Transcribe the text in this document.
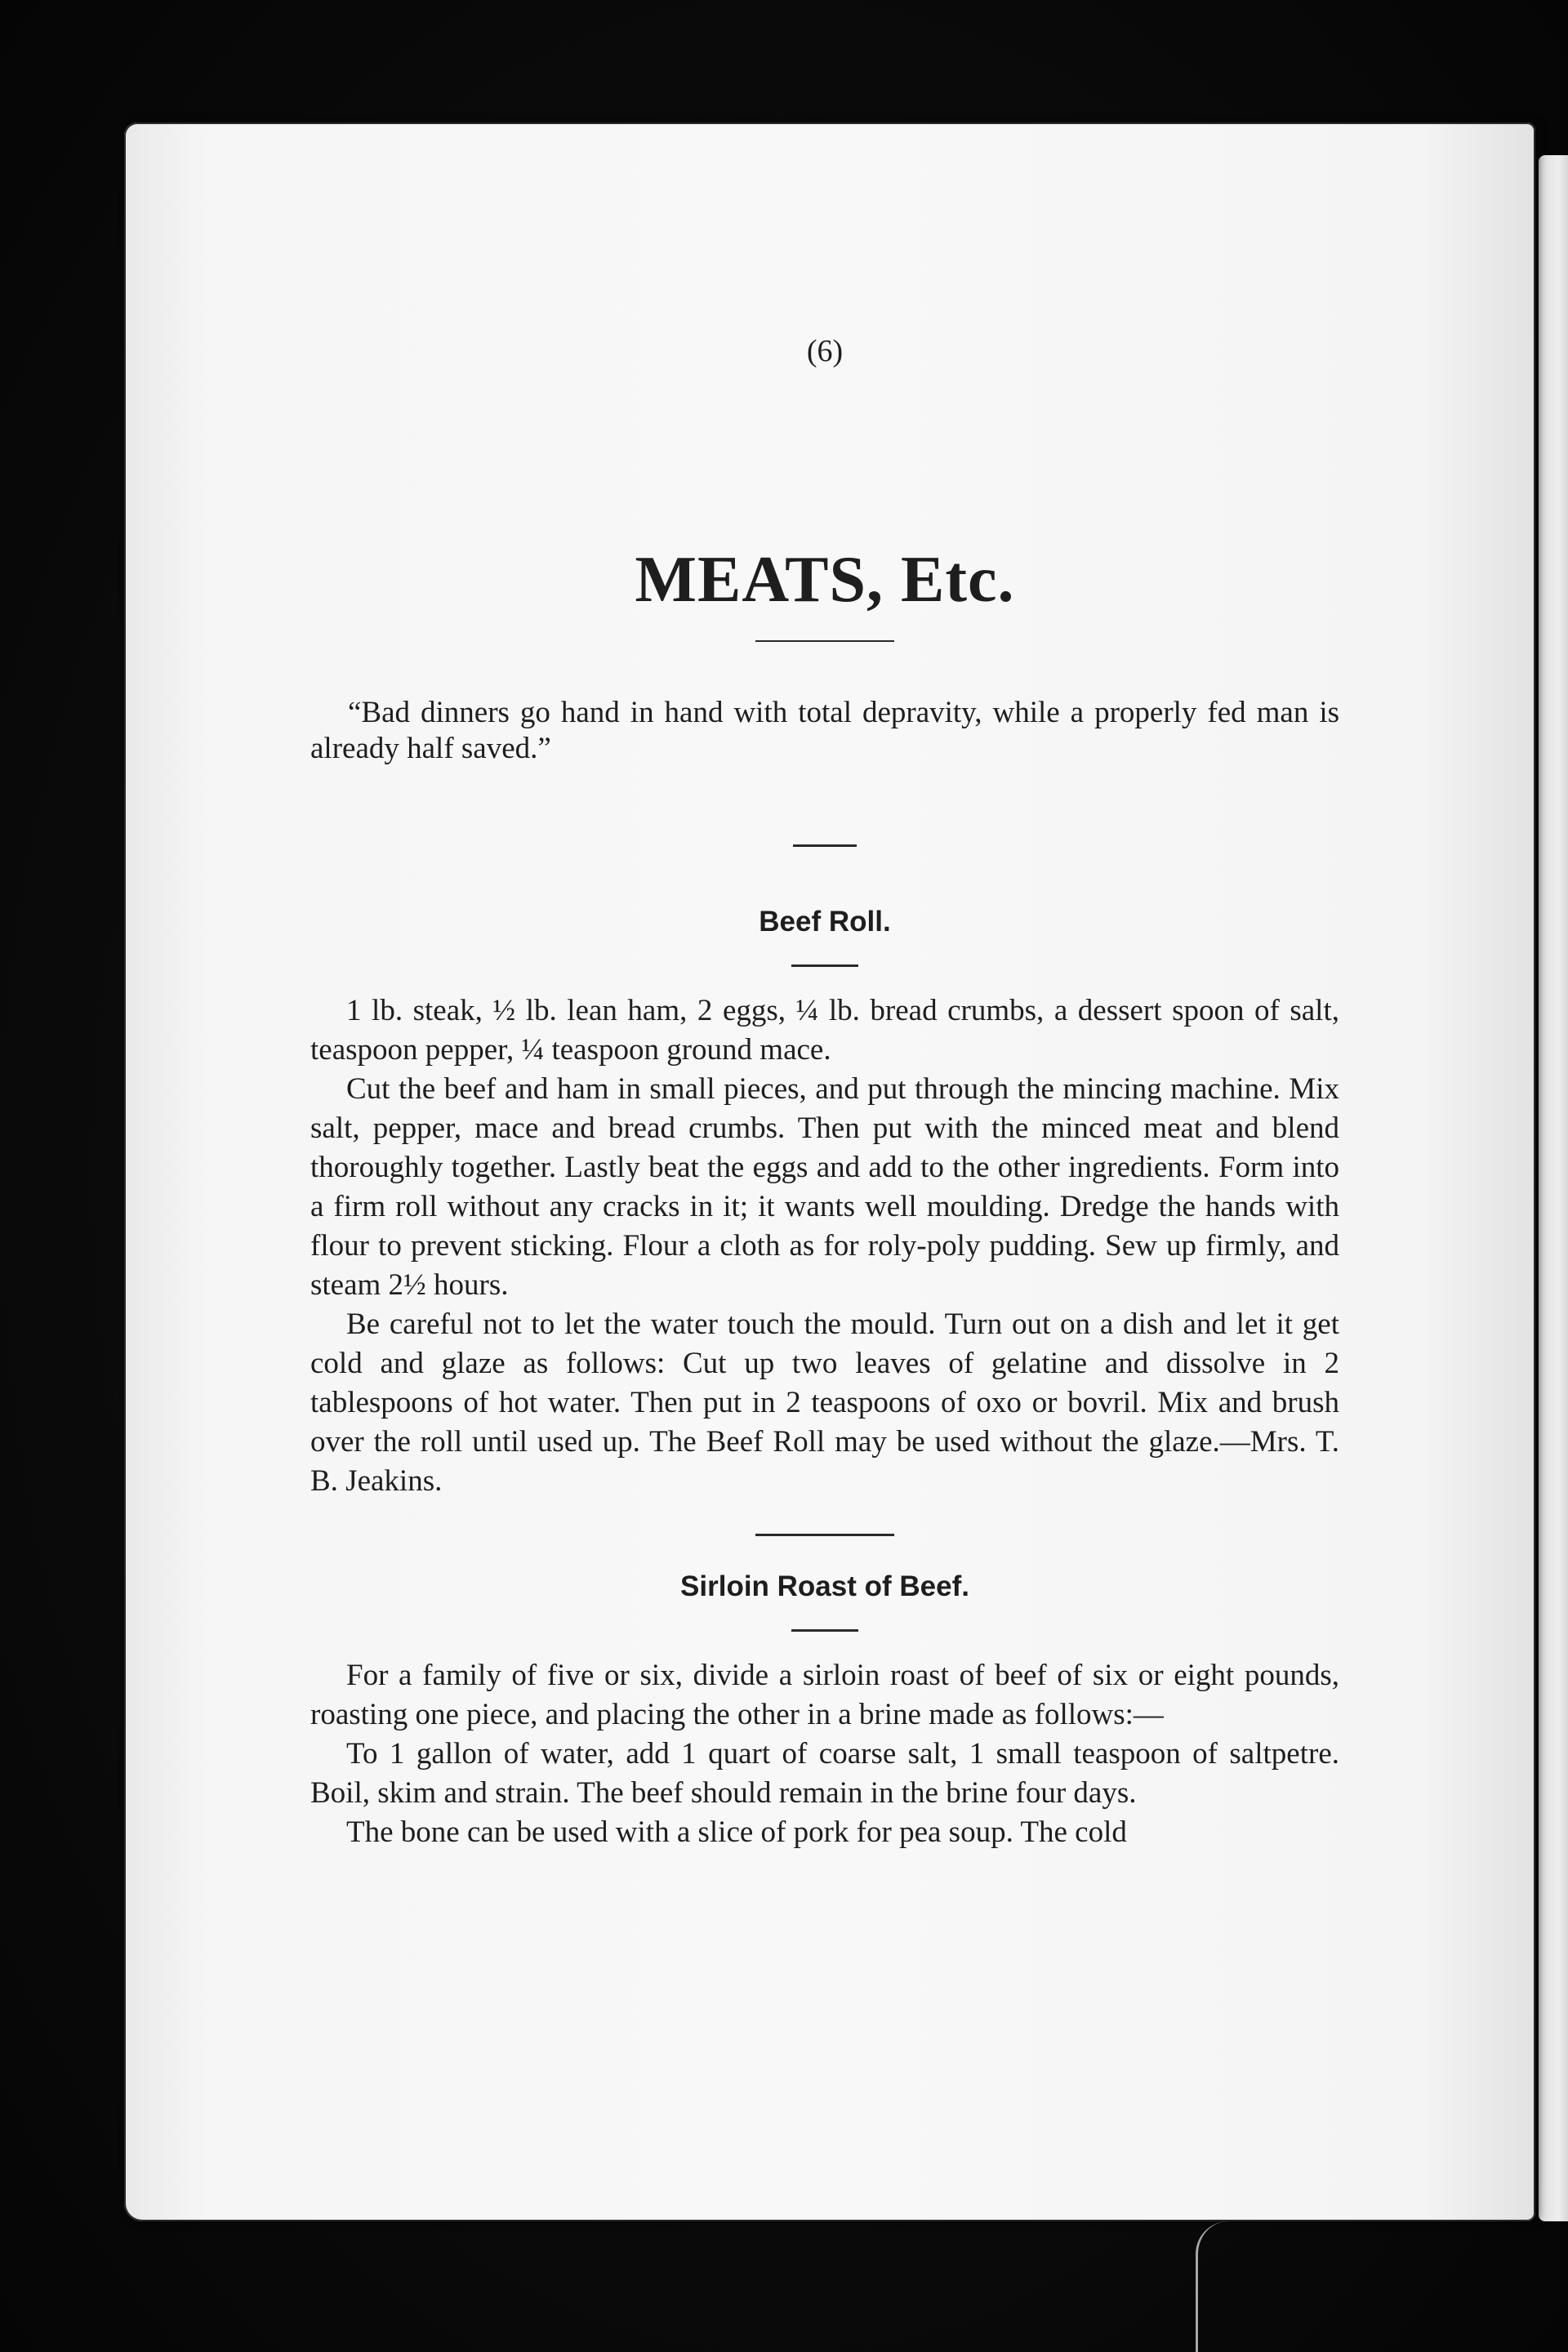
(6)

MEATS, Etc.

“Bad dinners go hand in hand with total depravity, while a properly fed man is already half saved.”

Beef Roll.

1 lb. steak, ½ lb. lean ham, 2 eggs, ¼ lb. bread crumbs, a dessert spoon of salt, teaspoon pepper, ¼ teaspoon ground mace.

Cut the beef and ham in small pieces, and put through the mincing machine. Mix salt, pepper, mace and bread crumbs. Then put with the minced meat and blend thoroughly together. Lastly beat the eggs and add to the other ingredients. Form into a firm roll without any cracks in it; it wants well moulding. Dredge the hands with flour to prevent sticking. Flour a cloth as for roly-poly pudding. Sew up firmly, and steam 2½ hours.

Be careful not to let the water touch the mould. Turn out on a dish and let it get cold and glaze as follows: Cut up two leaves of gelatine and dissolve in 2 tablespoons of hot water. Then put in 2 teaspoons of oxo or bovril. Mix and brush over the roll until used up. The Beef Roll may be used without the glaze.—Mrs. T. B. Jeakins.

Sirloin Roast of Beef.

For a family of five or six, divide a sirloin roast of beef of six or eight pounds, roasting one piece, and placing the other in a brine made as follows:—

To 1 gallon of water, add 1 quart of coarse salt, 1 small teaspoon of saltpetre. Boil, skim and strain. The beef should remain in the brine four days.

The bone can be used with a slice of pork for pea soup. The cold
